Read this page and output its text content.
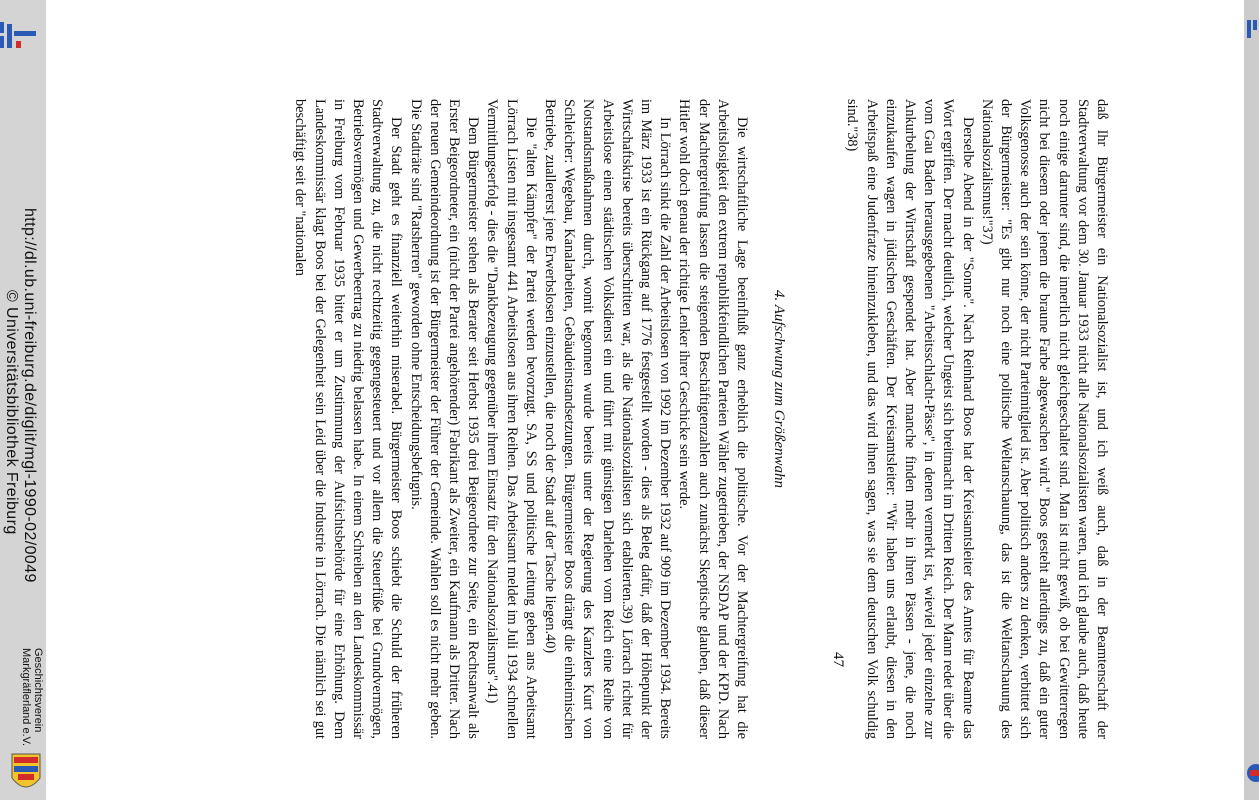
http://dl.ub.uni-freiburg.de/diglit/mgl-1990-02/0049
© Universitätsbibliothek Freiburg
Geschichtsverein Markgräflerland e.V.	daß Ihr Bürgermeister ein Nationalsozialist ist, und ich weiß auch, daß in der Beamtenschaft der Stadtverwaltung vor dem 30. Januar 1933 nicht alle Nationalsozialisten waren, und ich glaube auch, daß heute noch einige darunter sind, die innerlich nicht gleichgeschaltet sind. Man ist nicht gewiß, ob bei Gewitterregen nicht bei diesem oder jenem die braune Farbe abgewaschen wird." Boos gesteht allerdings zu, daß ein guter Volksgenosse auch der sein könne, der nicht Parteimitglied ist. Aber politisch anders zu denken, verbittet sich der Bürgermeister: "Es gibt nur noch eine politische Weltanschauung, das ist die Weltanschauung des Nationalsozialismus!"37)

Derselbe Abend in der "Sonne". Nach Reinhard Boos hat der Kreisamtsleiter des Amtes für Beamte das Wort ergriffen. Der macht deutlich, welcher Ungeist sich breitmacht im Dritten Reich. Der Mann redet über die vom Gau Baden herausgegebenen "Arbeitsschlacht-Pässe", in denen vermerkt ist, wieviel jeder einzelne zur Ankurbelung der Wirtschaft gespendet hat. Aber manche finden mehr in ihren Pässen - jene, die noch einzukaufen wagen in jüdischen Geschäften. Der Kreisamtsleiter: "Wir haben uns erlaubt, diesen in den Arbeitspaß eine Judenfratze hineinzukleben, und das wird ihnen sagen, was sie dem deutschen Volk schuldig sind."38)

4. Aufschwung zum Größenwahn

Die wirtschaftliche Lage beeinflußt ganz erheblich die politische. Vor der Machtergreifung hat die Arbeitslosigkeit den extrem republikfeindlichen Parteien Wähler zugetrieben, der NSDAP und der KPD. Nach der Machtergreifung lassen die steigenden Beschäftigtenzahlen auch zunächst Skeptische glauben, daß dieser Hitler wohl doch genau der richtige Lenker ihrer Geschicke sein werde.

In Lörrach sinkt die Zahl der Arbeitslosen von 1992 im Dezember 1932 auf 909 im Dezember 1934. Bereits im März 1933 ist ein Rückgang auf 1776 festgestellt worden - dies als Beleg dafür, daß der Höhepunkt der Wirtschaftskrise bereits überschritten war, als die Nationalsozialisten sich etablierten.39) Lörrach richtet für Arbeitslose einen städtischen Volksdienst ein und führt mit günstigen Darlehen vom Reich eine Reihe von Notstandsmaßnahmen durch, womit begonnen wurde bereits unter der Regierung des Kanzlers Kurt von Schleicher: Wegebau, Kanalarbeiten, Gebäudeinstandsetzungen. Bürgermeister Boos drängt die einheimischen Betriebe, zuallererst jene Erwerbslosen einzustellen, die noch der Stadt auf der Tasche liegen.40)

Die "alten Kämpfer" der Partei werden bevorzugt. SA, SS und politische Leitung geben ans Arbeitsamt Lörrach Listen mit insgesamt 441 Arbeitslosen aus ihren Reihen. Das Arbeitsamt meldet im Juli 1934 schnellen Vermittlungserfolg - dies die "Dankbezeugung gegenüber ihrem Einsatz für den Nationalsozialismus".41)

Dem Bürgermeister stehen als Berater seit Herbst 1935 drei Beigeordnete zur Seite, ein Rechtsanwalt als Erster Beigeordneter, ein (nicht der Partei angehörender) Fabrikant als Zweiter, ein Kaufmann als Dritter. Nach der neuen Gemeindeordnung ist der Bürgermeister der Führer der Gemeinde. Wahlen soll es nicht mehr geben. Die Stadträte sind "Ratsherren" geworden ohne Entscheidungsbefugnis.

Der Stadt geht es finanziell weiterhin miserabel. Bürgermeister Boos schiebt die Schuld der früheren Stadtverwaltung zu, die nicht rechtzeitig gegengesteuert und vor allem die Steuerfüße bei Grundvermögen, Betriebsvermögen und Gewerbeertrag zu niedrig belassen habe. In einem Schreiben an den Landeskommissär in Freiburg vom Februar 1935 bittet er um Zustimmung der Aufsichtsbehörde für eine Erhöhung. Dem Landeskommissär klagt Boos bei der Gelegenheit sein Leid über die Industrie in Lörrach. Die nämlich sei gut beschäftigt seit der "nationalen

47
